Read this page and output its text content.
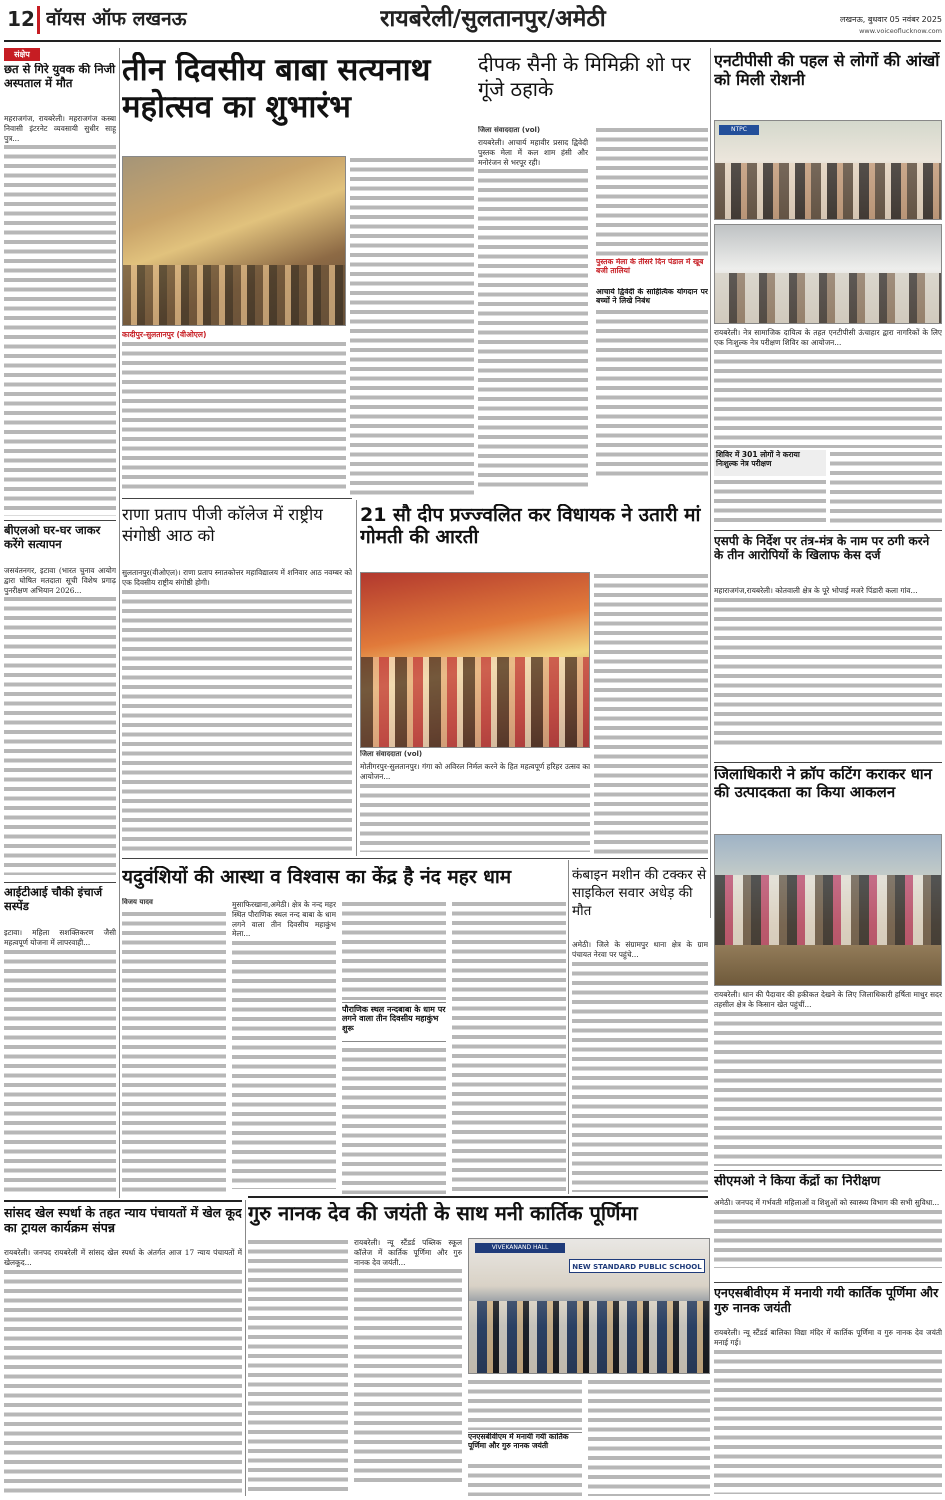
12 वॉयस ऑफ लखनऊ	रायबरेली/सुलतानपुर/अमेठी	लखनऊ, बुधवार 05 नवंबर 2025
www.voiceoflucknow.com
संक्षेप
छत से गिरे युवक की निजी अस्पताल में मौत
महराजगंज, रायबरेली। महराजगंज कस्बा निवासी इंटरनेट व्यवसायी सुधीर साहू पुत्र...
बीएलओ घर-घर जाकर करेंगे सत्यापन
जसवंतनगर, इटावा (भारत चुनाव आयोग द्वारा घोषित मतदाता सूची विशेष प्रगाढ़ पुनरीक्षण अभियान 2026...
आईटीआई चौकी इंचार्ज सस्पेंड
इटावा। महिला सशक्तिकरण जैसी महत्वपूर्ण योजना में लापरवाही...
तीन दिवसीय बाबा सत्यनाथ महोत्सव का शुभारंभ
कादीपुर-सुलतानपुर (वीओएल)
दीपक सैनी के मिमिक्री शो पर गूंजे ठहाके
जिला संवाददाता (vol)
रायबरेली। आचार्य महावीर प्रसाद द्विवेदी पुस्तक मेला में कल शाम हंसी और मनोरंजन से भरपूर रही।
पुस्तक मेला के तीसरे दिन पंडाल में खूब बजी तालियां
आचार्य द्विवेदी के साहित्यिक योगदान पर बच्चों ने लिखे निबंध
एनटीपीसी की पहल से लोगों की आंखों को मिली रोशनी
NTPC
रायबरेली। नेत्र सामाजिक दायित्व के तहत एनटीपीसी ऊंचाहार द्वारा नागरिकों के लिए एक निःशुल्क नेत्र परीक्षण शिविर का आयोजन...
शिविर में 301 लोगों ने कराया निःशुल्क नेत्र परीक्षण
राणा प्रताप पीजी कॉलेज में राष्ट्रीय संगोष्ठी आठ को
सुलतानपुर(वीओएल)। राणा प्रताप स्नातकोत्तर महाविद्यालय में शनिवार आठ नवम्बर को एक दिवसीय राष्ट्रीय संगोष्ठी होगी।
21 सौ दीप प्रज्ज्वलित कर विधायक ने उतारी मां गोमती की आरती
जिला संवाददाता (vol)
मोतीगरपुर-सुलतानपुर। गंगा को अविरल निर्मल करने के हित महत्वपूर्ण हरिहर उत्सव का आयोजन...
एसपी के निर्देश पर तंत्र-मंत्र के नाम पर ठगी करने के तीन आरोपियों के खिलाफ केस दर्ज
महाराजगंज,रायबरेली। कोतवाली क्षेत्र के पूरे भोपाई मजरे पिंडारी कला गांव...
जिलाधिकारी ने क्रॉप कटिंग कराकर धान की उत्पादकता का किया आकलन
रायबरेली। धान की पैदावार की हकीकत देखने के लिए जिलाधिकारी हर्षिता माथुर सदर तहसील क्षेत्र के किसान खेत पहुंचीं...
यदुवंशियों की आस्था व विश्वास का केंद्र है नंद महर धाम
विजय यादव	मुसाफिरखाना,अमेठी। क्षेत्र के नन्द महर स्थित पौराणिक स्थल नन्द बाबा के धाम लगने वाला तीन दिवसीय महाकुंभ मेला...
पौराणिक स्थल नन्दबाबा के धाम पर लगने वाला तीन दिवसीय महाकुंभ शुरू
कंबाइन मशीन की टक्कर से साइकिल सवार अधेड़ की मौत
अमेठी। जिले के संग्रामपुर थाना क्षेत्र के ग्राम पंचायत नेरवा पर पहुंचे...
सीएमओ ने किया केंद्रों का निरीक्षण
अमेठी। जनपद में गर्भवती महिलाओं व शिशुओं को स्वास्थ्य विभाग की सभी सुविधा...
एनएसबीवीएम में मनायी गयी कार्तिक पूर्णिमा और गुरु नानक जयंती
रायबरेली। न्यू स्टैंडर्ड बालिका विद्या मंदिर में कार्तिक पूर्णिमा व गुरु नानक देव जयंती मनाई गई।
सांसद खेल स्पर्धा के तहत न्याय पंचायतों में खेल कूद का ट्रायल कार्यक्रम संपन्न
रायबरेली। जनपद रायबरेली में सांसद खेल स्पर्धा के अंतर्गत आज 17 न्याय पंचायतों में खेलकूद...
गुरु नानक देव की जयंती के साथ मनी कार्तिक पूर्णिमा
रायबरेली। न्यू स्टैंडर्ड पब्लिक स्कूल कॉलेज में कार्तिक पूर्णिमा और गुरु नानक देव जयंती...
VIVEKANAND HALL
NEW STANDARD PUBLIC SCHOOL
एनएसबीवीएम में मनायी गयी कार्तिक पूर्णिमा और गुरु नानक जयंती
